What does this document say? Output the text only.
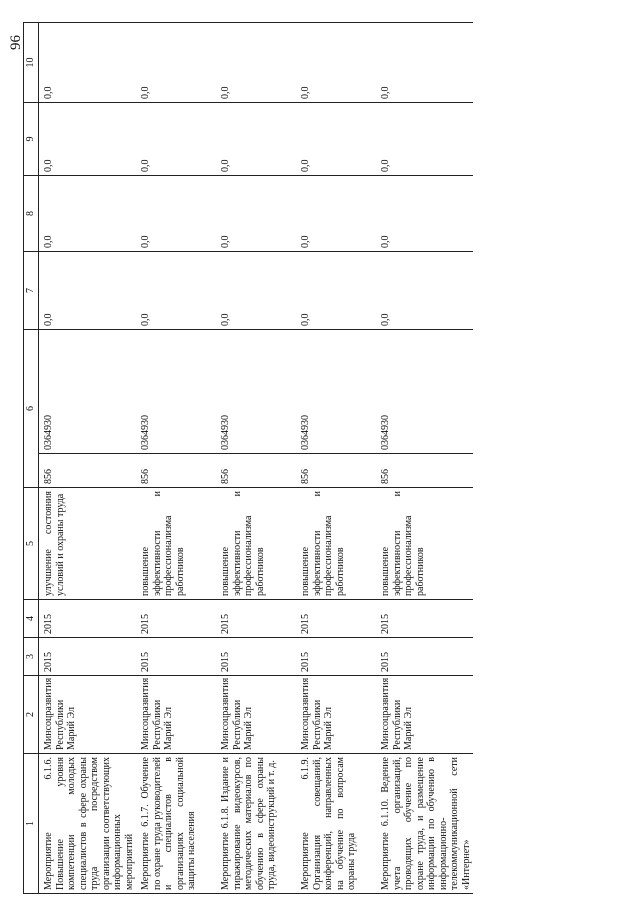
96
1	2	3	4	5	6		7	8	9	10
Мероприятие 6.1.6. Повышение уровня компетенции молодых специалистов в сфере охраны труда посредством организации соответствующих информационных мероприятий	Минсоцразвития Республики Марий Эл	2015	2015	улучшение состояния условий и охраны труда	856	0364930	0,0	0,0	0,0	0,0
Мероприятие 6.1.7. Обучение по охране труда руководителей и специалистов в организациях социальной защиты населения	Минсоцразвития Республики Марий Эл	2015	2015	повышение эффективности и профессионализма работников	856	0364930	0,0	0,0	0,0	0,0
Мероприятие 6.1.8. Издание и тиражирование видеокурсов, методических материалов по обучению в сфере охраны труда, видеоинструкций и т. д.	Минсоцразвития Республики Марий Эл	2015	2015	повышение эффективности и профессионализма работников	856	0364930	0,0	0,0	0,0	0,0
Мероприятие 6.1.9. Организация совещаний, конференций, направленных на обучение по вопросам охраны труда	Минсоцразвития Республики Марий Эл	2015	2015	повышение эффективности и профессионализма работников	856	0364930	0,0	0,0	0,0	0,0
Мероприятие 6.1.10. Ведение учета организаций, проводящих обучение по охране труда, и размещение информации по обучению в информационно-телекоммуникационной сети «Интернет»	Минсоцразвития Республики Марий Эл	2015	2015	повышение эффективности и профессионализма работников	856	0364930	0,0	0,0	0,0	0,0
